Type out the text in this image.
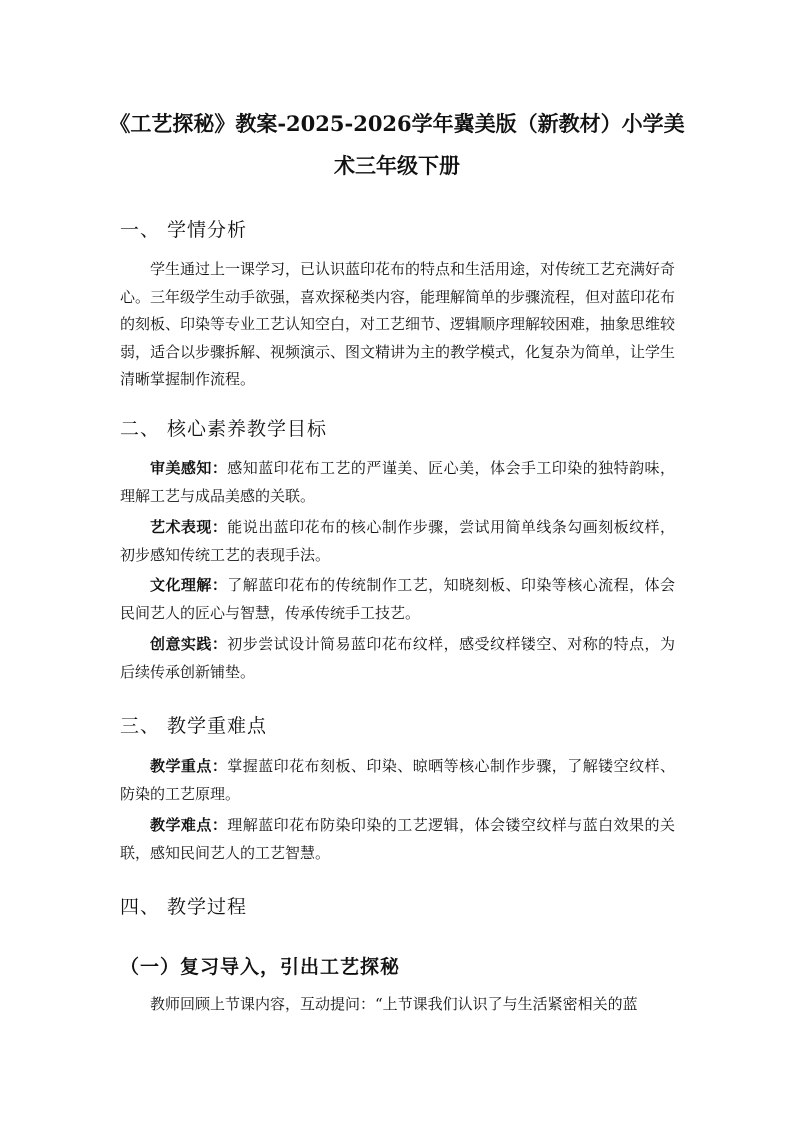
《工艺探秘》教案-2025-2026学年冀美版（新教材）小学美术三年级下册
一、 学情分析

学生通过上一课学习，已认识蓝印花布的特点和生活用途，对传统工艺充满好奇心。三年级学生动手欲强，喜欢探秘类内容，能理解简单的步骤流程，但对蓝印花布的刻板、印染等专业工艺认知空白，对工艺细节、逻辑顺序理解较困难，抽象思维较弱，适合以步骤拆解、视频演示、图文精讲为主的教学模式，化复杂为简单，让学生清晰掌握制作流程。

二、 核心素养教学目标

审美感知：感知蓝印花布工艺的严谨美、匠心美，体会手工印染的独特韵味，理解工艺与成品美感的关联。

艺术表现：能说出蓝印花布的核心制作步骤，尝试用简单线条勾画刻板纹样，初步感知传统工艺的表现手法。

文化理解：了解蓝印花布的传统制作工艺，知晓刻板、印染等核心流程，体会民间艺人的匠心与智慧，传承传统手工技艺。

创意实践：初步尝试设计简易蓝印花布纹样，感受纹样镂空、对称的特点，为后续传承创新铺垫。

三、 教学重难点

教学重点：掌握蓝印花布刻板、印染、晾晒等核心制作步骤，了解镂空纹样、防染的工艺原理。

教学难点：理解蓝印花布防染印染的工艺逻辑，体会镂空纹样与蓝白效果的关联，感知民间艺人的工艺智慧。

四、 教学过程
（一）复习导入，引出工艺探秘

教师回顾上节课内容，互动提问：“上节课我们认识了与生活紧密相关的蓝
